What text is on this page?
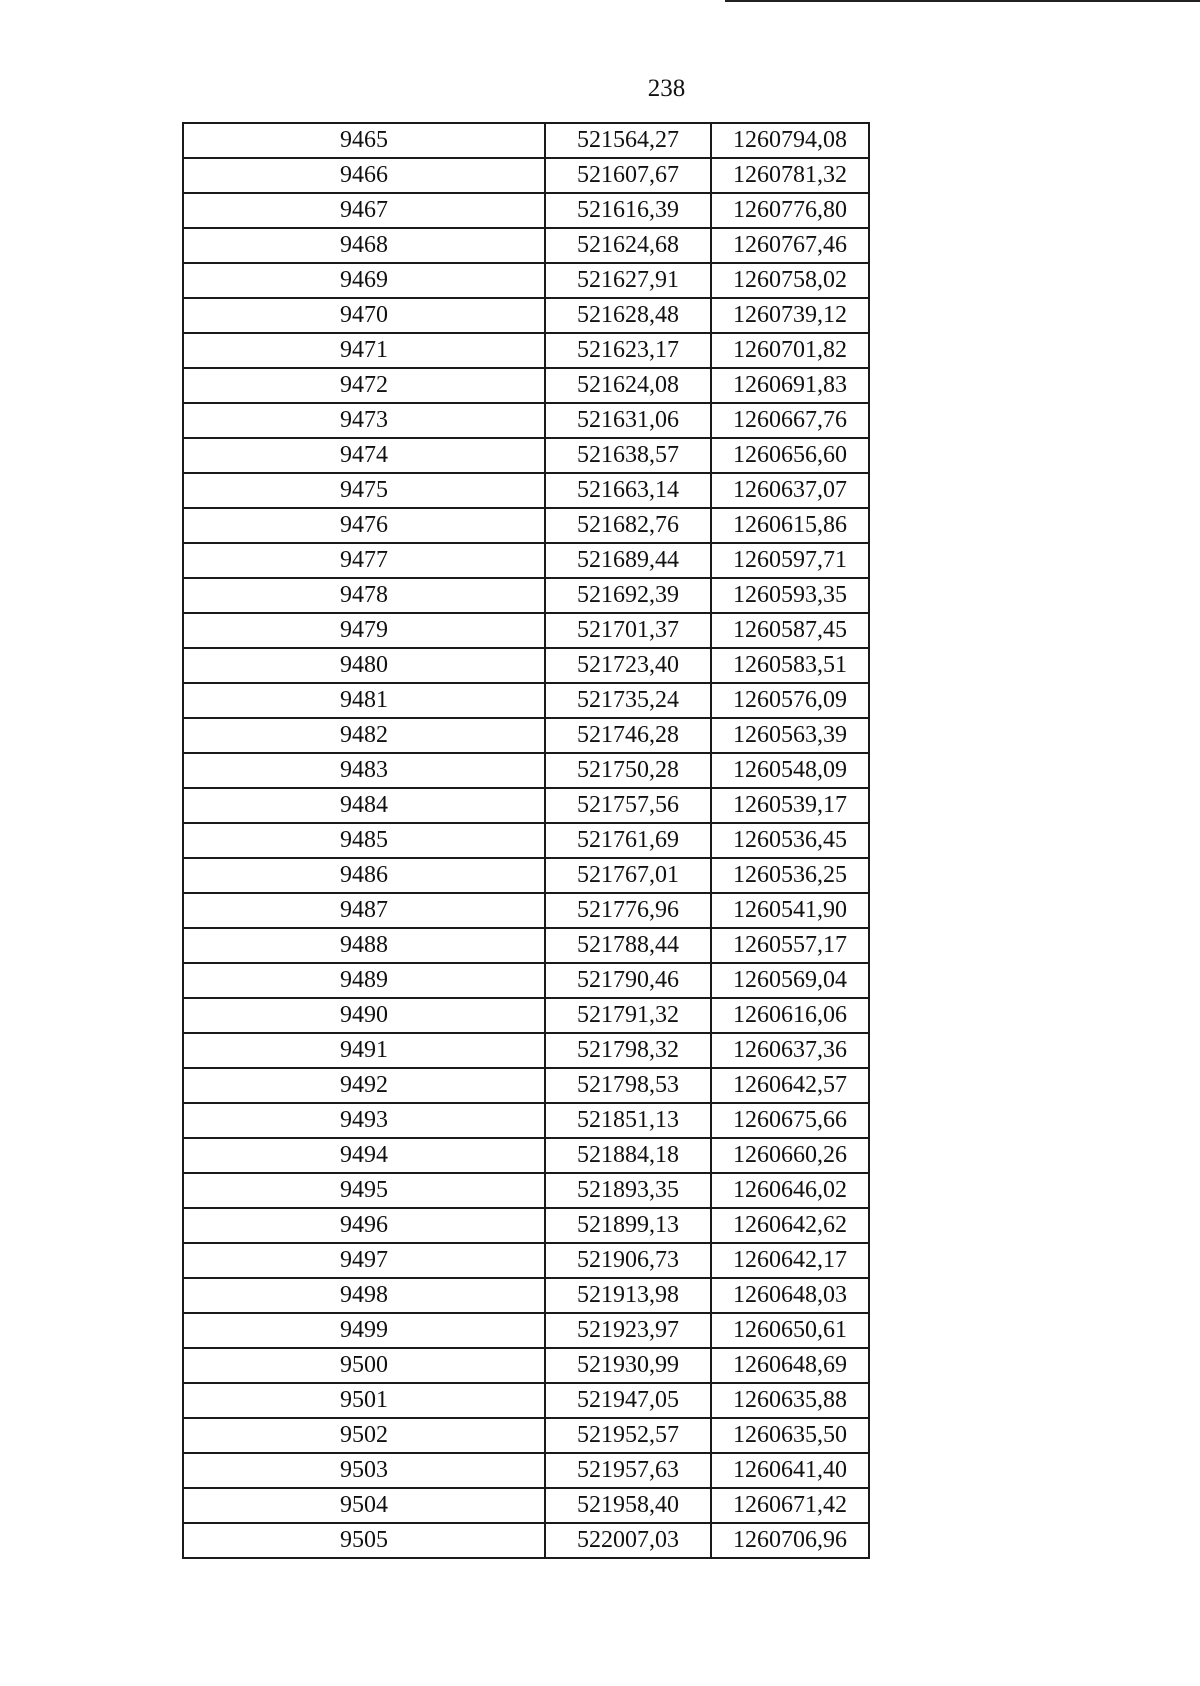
238
9465	521564,27	1260794,08
9466	521607,67	1260781,32
9467	521616,39	1260776,80
9468	521624,68	1260767,46
9469	521627,91	1260758,02
9470	521628,48	1260739,12
9471	521623,17	1260701,82
9472	521624,08	1260691,83
9473	521631,06	1260667,76
9474	521638,57	1260656,60
9475	521663,14	1260637,07
9476	521682,76	1260615,86
9477	521689,44	1260597,71
9478	521692,39	1260593,35
9479	521701,37	1260587,45
9480	521723,40	1260583,51
9481	521735,24	1260576,09
9482	521746,28	1260563,39
9483	521750,28	1260548,09
9484	521757,56	1260539,17
9485	521761,69	1260536,45
9486	521767,01	1260536,25
9487	521776,96	1260541,90
9488	521788,44	1260557,17
9489	521790,46	1260569,04
9490	521791,32	1260616,06
9491	521798,32	1260637,36
9492	521798,53	1260642,57
9493	521851,13	1260675,66
9494	521884,18	1260660,26
9495	521893,35	1260646,02
9496	521899,13	1260642,62
9497	521906,73	1260642,17
9498	521913,98	1260648,03
9499	521923,97	1260650,61
9500	521930,99	1260648,69
9501	521947,05	1260635,88
9502	521952,57	1260635,50
9503	521957,63	1260641,40
9504	521958,40	1260671,42
9505	522007,03	1260706,96
